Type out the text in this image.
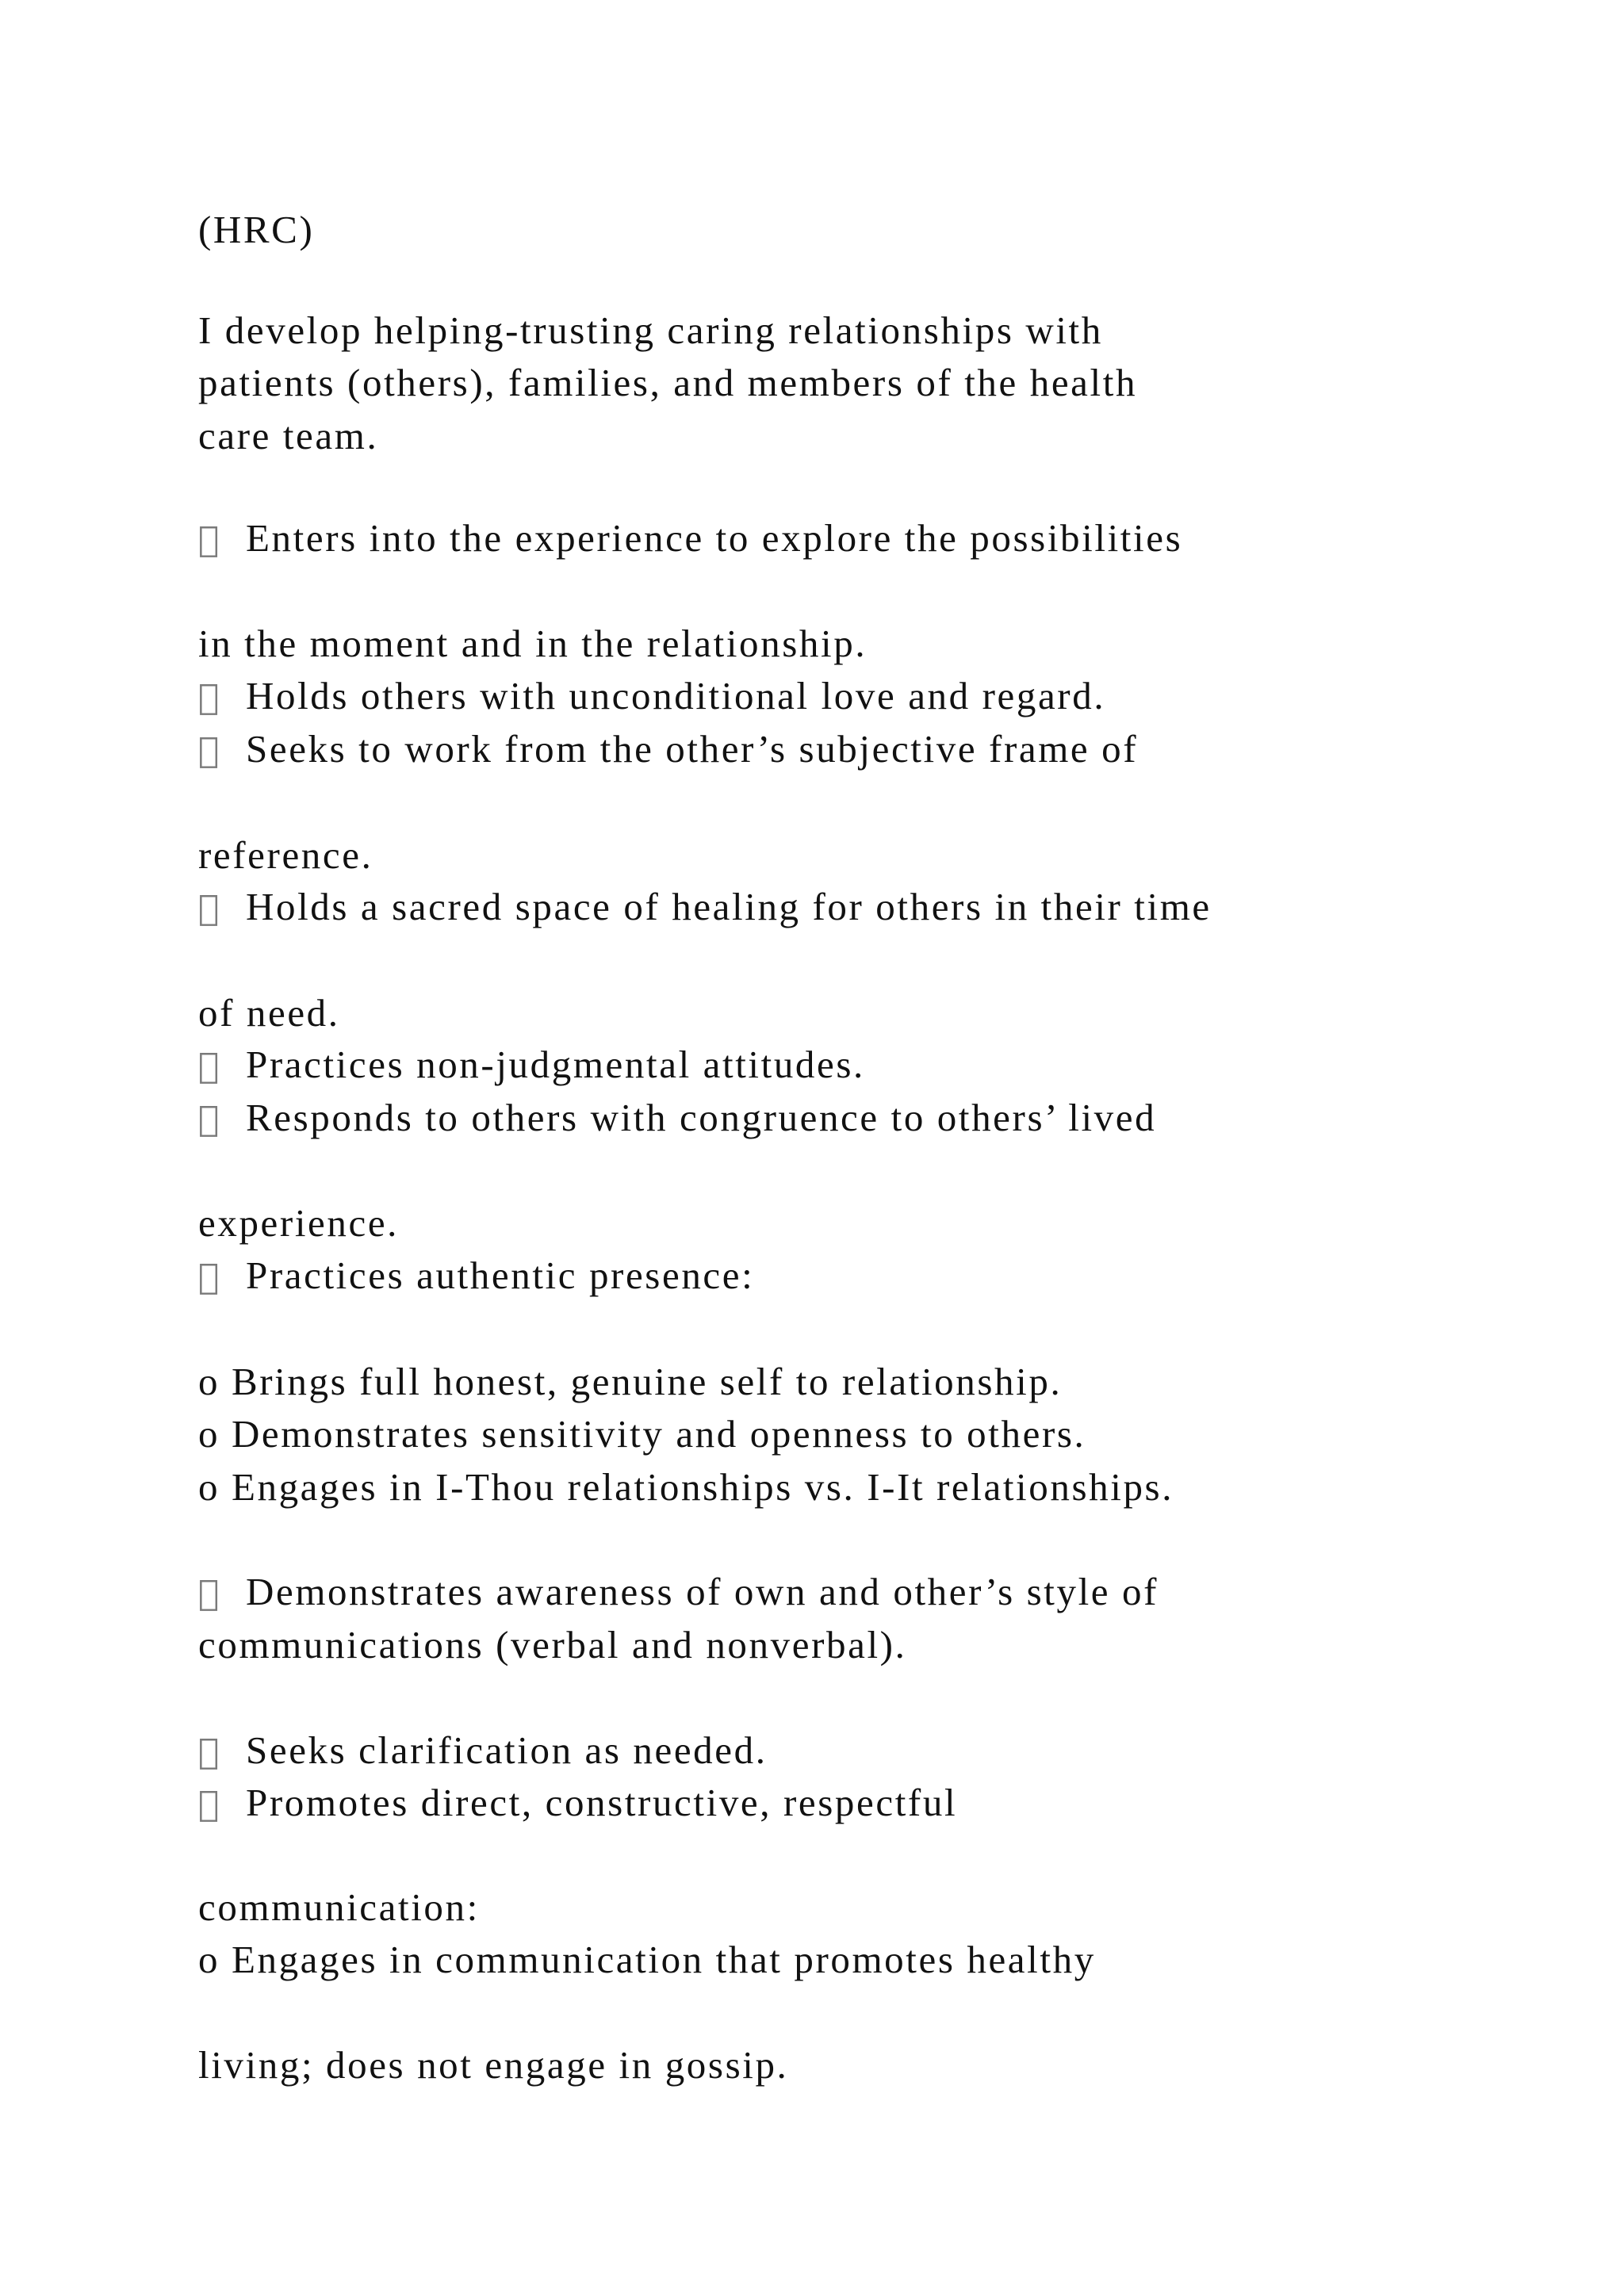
(HRC)

I develop helping-trusting caring relationships with

patients (others), families, and members of the health

care team.

Enters into the experience to explore the possibilities

in the moment and in the relationship.

Holds others with unconditional love and regard.

Seeks to work from the other’s subjective frame of

reference.

Holds a sacred space of healing for others in their time

of need.

Practices non-judgmental attitudes.

Responds to others with congruence to others’ lived

experience.

Practices authentic presence:

o Brings full honest, genuine self to relationship.

o Demonstrates sensitivity and openness to others.

o Engages in I-Thou relationships vs. I-It relationships.

Demonstrates awareness of own and other’s style of

communications (verbal and nonverbal).

Seeks clarification as needed.

Promotes direct, constructive, respectful

communication:

o Engages in communication that promotes healthy

living; does not engage in gossip.
